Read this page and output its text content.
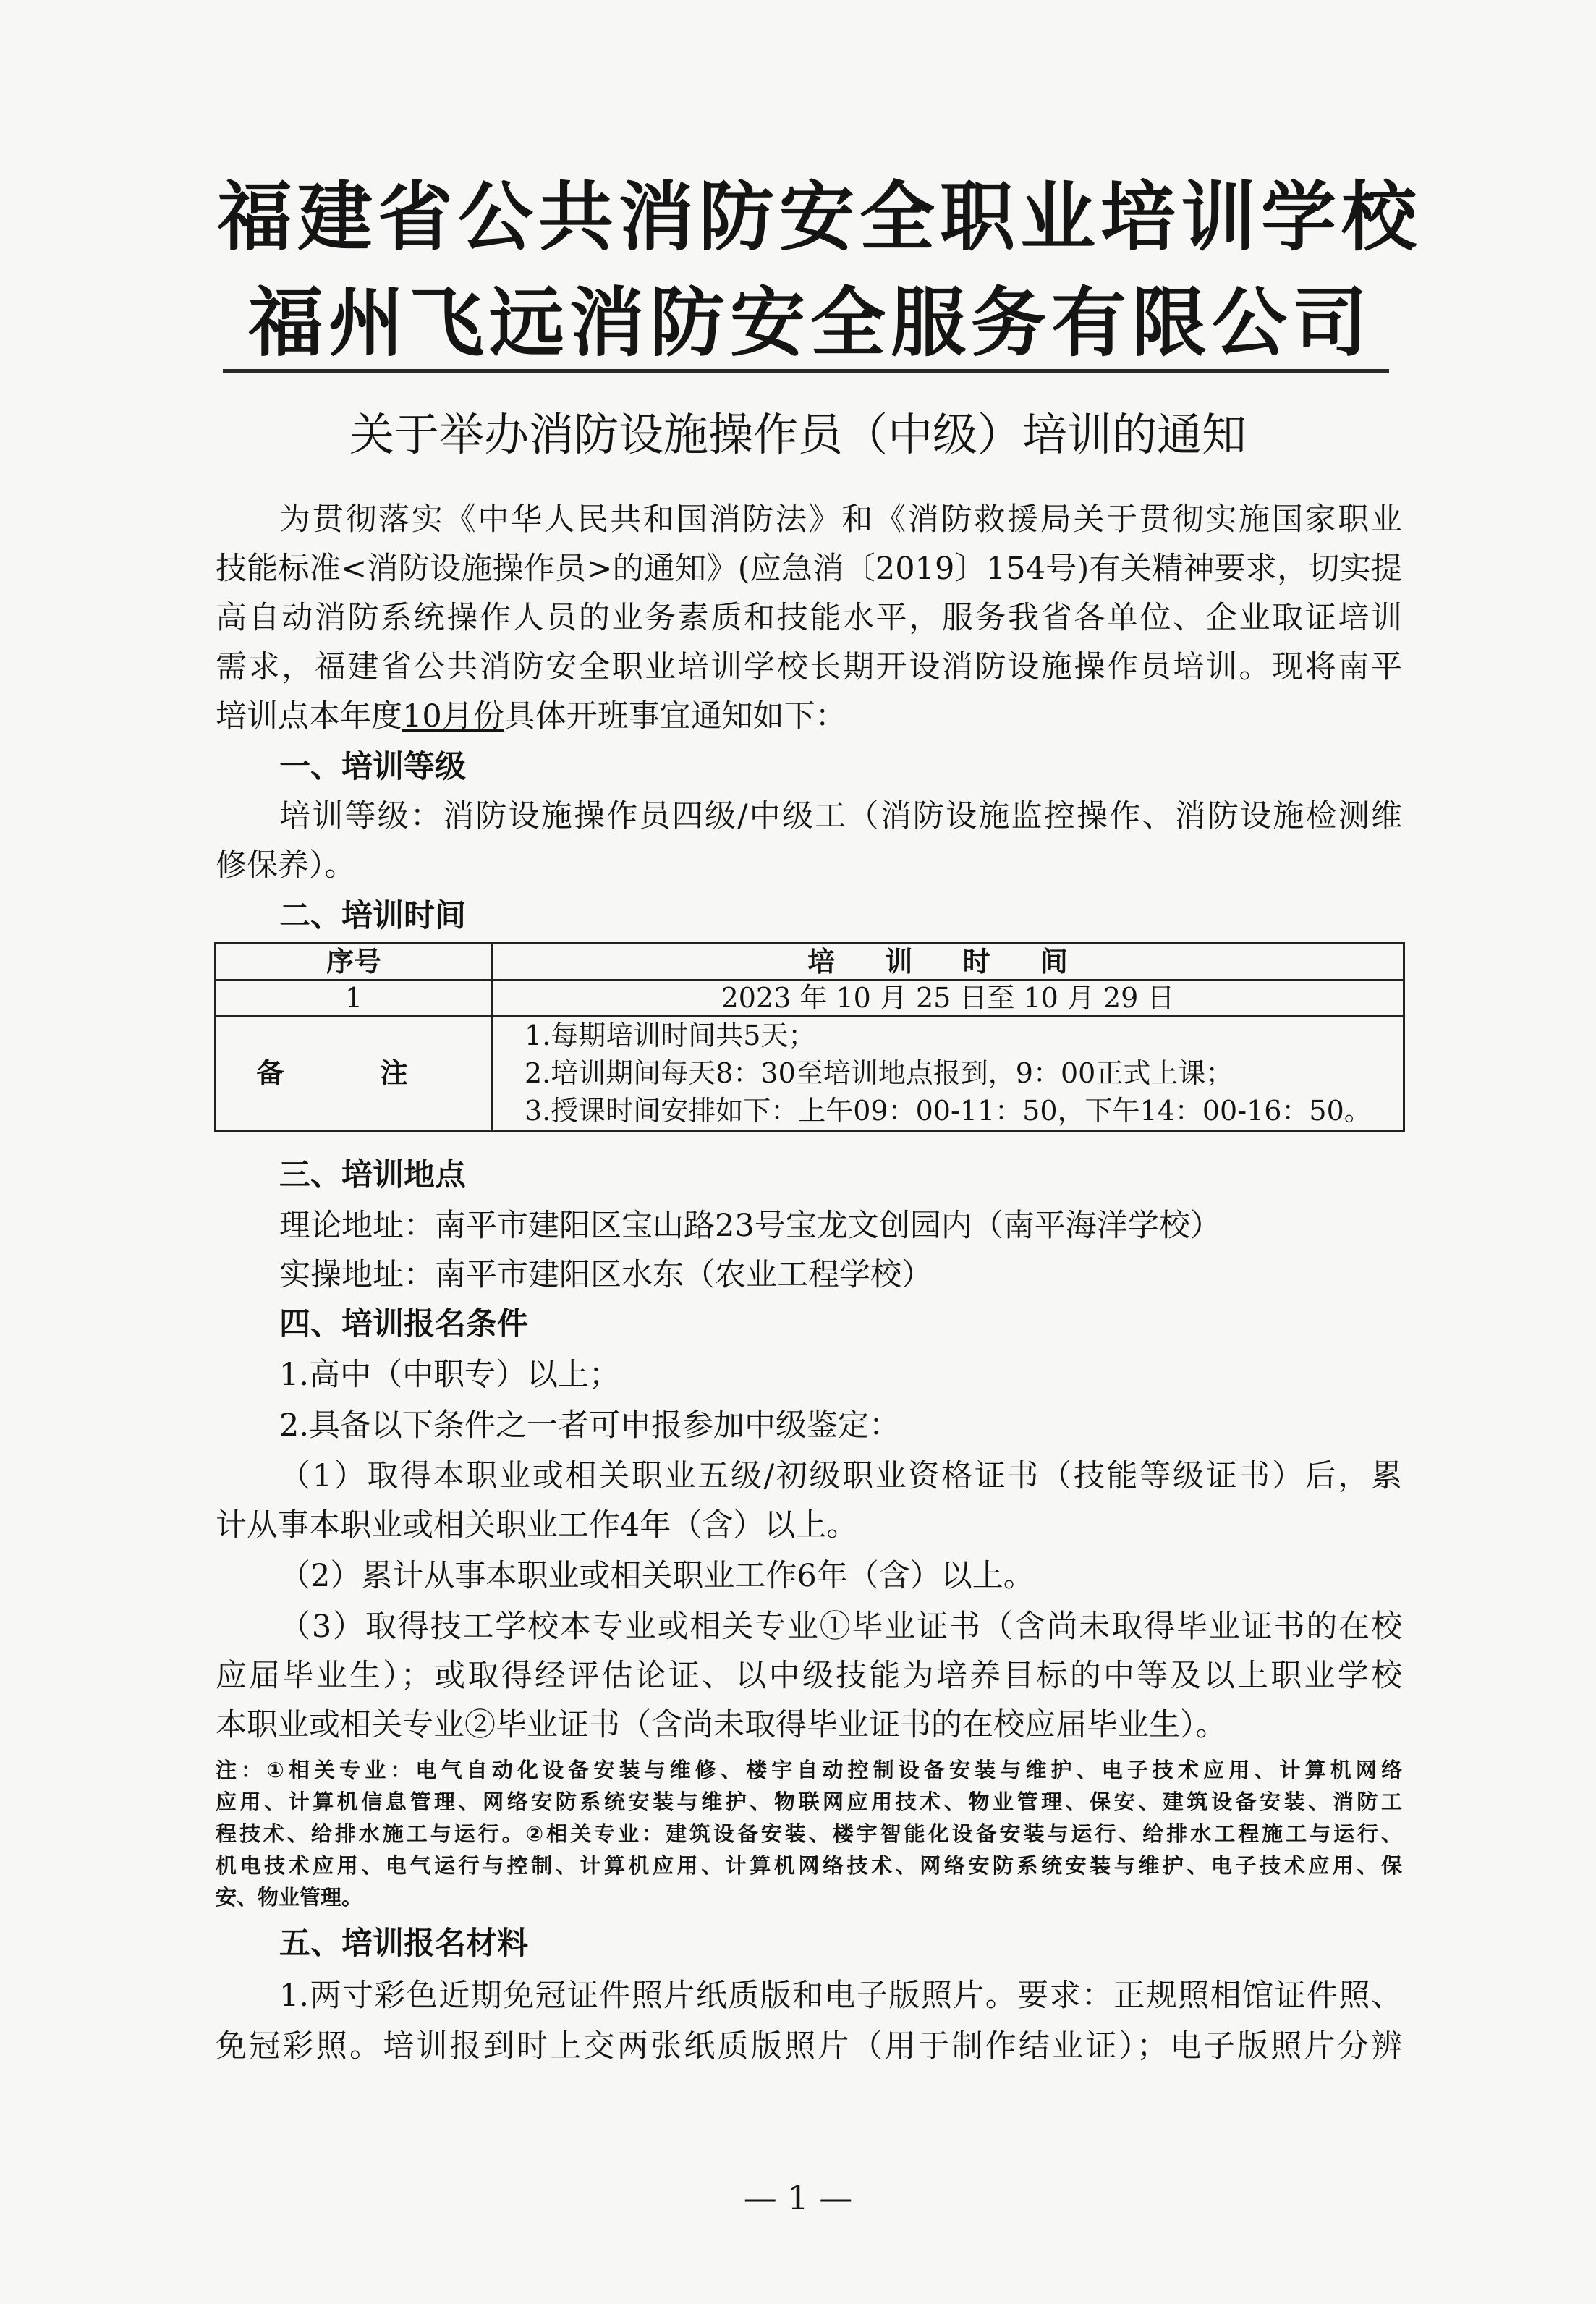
福建省公共消防安全职业培训学校
福州飞远消防安全服务有限公司
关于举办消防设施操作员（中级）培训的通知
为贯彻落实《中华人民共和国消防法》和《消防救援局关于贯彻实施国家职业
技能标准<消防设施操作员>的通知》(应急消〔2019〕154号)有关精神要求，切实提
高自动消防系统操作人员的业务素质和技能水平，服务我省各单位、企业取证培训
需求，福建省公共消防安全职业培训学校长期开设消防设施操作员培训。现将南平
培训点本年度10月份具体开班事宜通知如下：
一、培训等级
培训等级：消防设施操作员四级/中级工（消防设施监控操作、消防设施检测维
修保养）。
二、培训时间
序号	培 训 时 间
1	2023 年 10 月 25 日至 10 月 29 日
备 注	1.每期培训时间共5天；
2.培训期间每天8：30至培训地点报到，9：00正式上课；
3.授课时间安排如下：上午09：00-11：50，下午14：00-16：50。
三、培训地点
理论地址：南平市建阳区宝山路23号宝龙文创园内（南平海洋学校）
实操地址：南平市建阳区水东（农业工程学校）
四、培训报名条件
1.高中（中职专）以上；
2.具备以下条件之一者可申报参加中级鉴定：
（1）取得本职业或相关职业五级/初级职业资格证书（技能等级证书）后，累
计从事本职业或相关职业工作4年（含）以上。
（2）累计从事本职业或相关职业工作6年（含）以上。
（3）取得技工学校本专业或相关专业①毕业证书（含尚未取得毕业证书的在校
应届毕业生）；或取得经评估论证、以中级技能为培养目标的中等及以上职业学校
本职业或相关专业②毕业证书（含尚未取得毕业证书的在校应届毕业生）。
注：①相关专业：电气自动化设备安装与维修、楼宇自动控制设备安装与维护、电子技术应用、计算机网络
应用、计算机信息管理、网络安防系统安装与维护、物联网应用技术、物业管理、保安、建筑设备安装、消防工
程技术、给排水施工与运行。②相关专业：建筑设备安装、楼宇智能化设备安装与运行、给排水工程施工与运行、
机电技术应用、电气运行与控制、计算机应用、计算机网络技术、网络安防系统安装与维护、电子技术应用、保
安、物业管理。
五、培训报名材料
1.两寸彩色近期免冠证件照片纸质版和电子版照片。要求：正规照相馆证件照、
免冠彩照。培训报到时上交两张纸质版照片（用于制作结业证）；电子版照片分辨
— 1 —
